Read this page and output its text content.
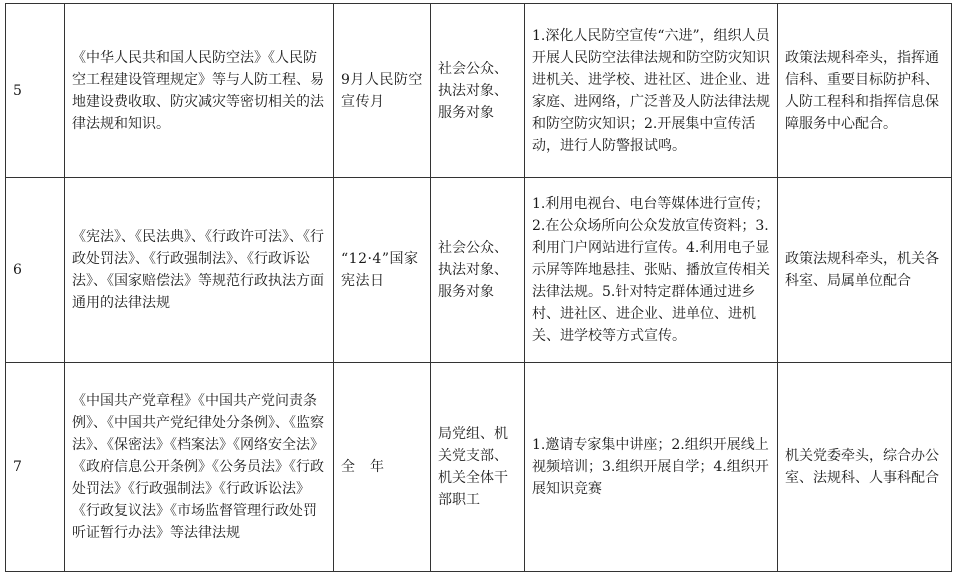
5	《中华人民共和国人民防空法》《人民防空工程建设管理规定》等与人防工程、易地建设费收取、防灾减灾等密切相关的法律法规和知识。	9月人民防空宣传月	社会公众、执法对象、服务对象	1.深化人民防空宣传“六进”，组织人员开展人民防空法律法规和防空防灾知识进机关、进学校、进社区、进企业、进家庭、进网络，广泛普及人防法律法规和防空防灾知识；2.开展集中宣传活动，进行人防警报试鸣。	政策法规科牵头，指挥通信科、重要目标防护科、人防工程科和指挥信息保障服务中心配合。
6	《宪法》、《民法典》、《行政许可法》、《行政处罚法》、《行政强制法》、《行政诉讼法》、《国家赔偿法》等规范行政执法方面通用的法律法规	“12·4”国家宪法日	社会公众、执法对象、服务对象	1.利用电视台、电台等媒体进行宣传；2.在公众场所向公众发放宣传资料；3.利用门户网站进行宣传。4.利用电子显示屏等阵地悬挂、张贴、播放宣传相关法律法规。5.针对特定群体通过进乡村、进社区、进企业、进单位、进机关、进学校等方式宣传。	政策法规科牵头，机关各科室、局属单位配合
7	《中国共产党章程》《中国共产党问责条例》、《中国共产党纪律处分条例》、《监察法》、《保密法》《档案法》《网络安全法》《政府信息公开条例》《公务员法》《行政处罚法》《行政强制法》《行政诉讼法》《行政复议法》《市场监督管理行政处罚听证暂行办法》等法律法规	全　年	局党组、机关党支部、机关全体干部职工	1.邀请专家集中讲座；2.组织开展线上视频培训；3.组织开展自学；4.组织开展知识竞赛	机关党委牵头，综合办公室、法规科、人事科配合
